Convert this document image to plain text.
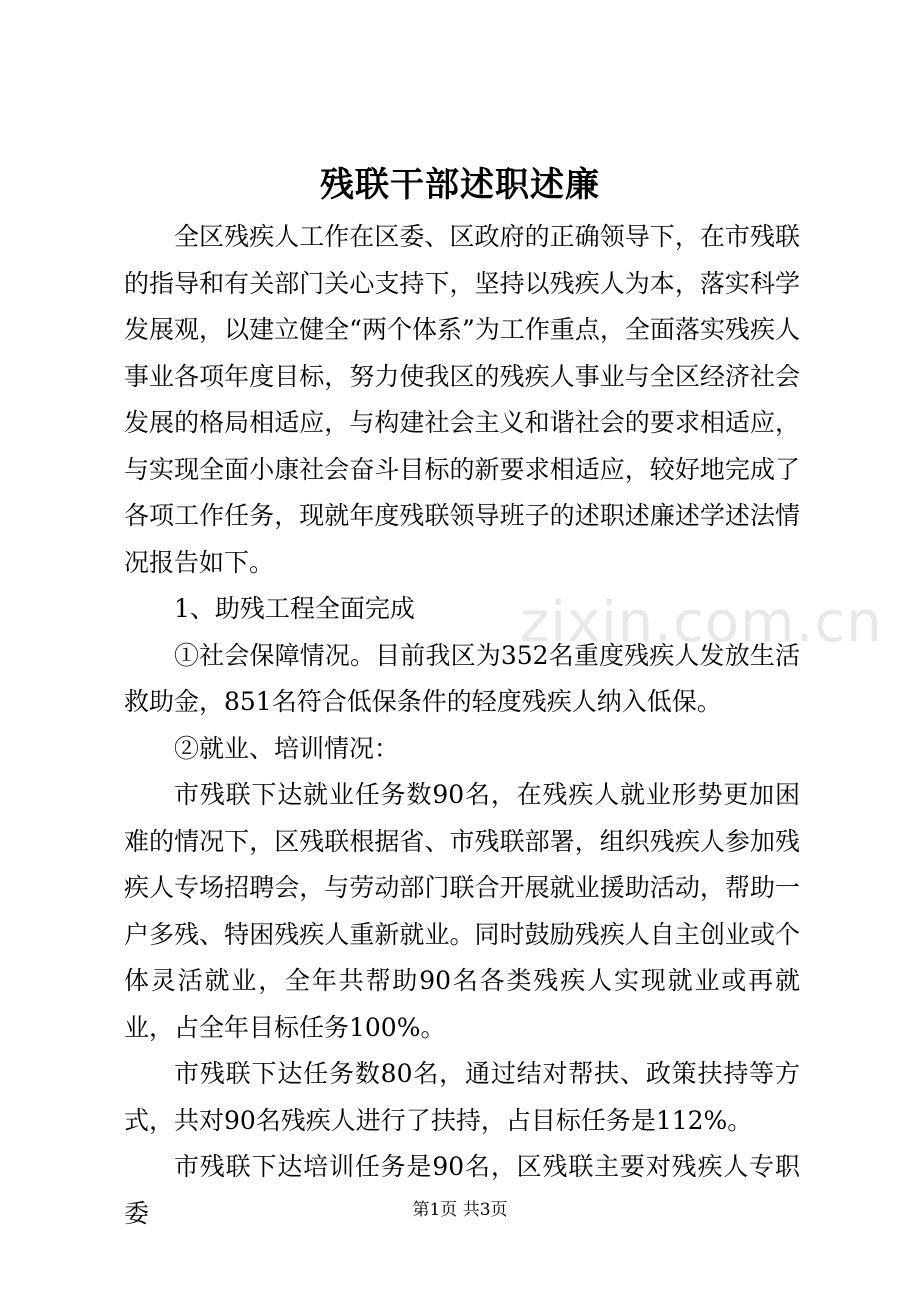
残联干部述职述廉

全区残疾人工作在区委、区政府的正确领导下，在市残联的指导和有关部门关心支持下，坚持以残疾人为本，落实科学发展观，以建立健全“两个体系”为工作重点，全面落实残疾人事业各项年度目标，努力使我区的残疾人事业与全区经济社会发展的格局相适应，与构建社会主义和谐社会的要求相适应，与实现全面小康社会奋斗目标的新要求相适应，较好地完成了各项工作任务，现就年度残联领导班子的述职述廉述学述法情况报告如下。

1、助残工程全面完成

①社会保障情况。目前我区为352名重度残疾人发放生活救助金，851名符合低保条件的轻度残疾人纳入低保。

②就业、培训情况：

市残联下达就业任务数90名，在残疾人就业形势更加困难的情况下，区残联根据省、市残联部署，组织残疾人参加残疾人专场招聘会，与劳动部门联合开展就业援助活动，帮助一户多残、特困残疾人重新就业。同时鼓励残疾人自主创业或个体灵活就业，全年共帮助90名各类残疾人实现就业或再就业，占全年目标任务100%。

市残联下达任务数80名，通过结对帮扶、政策扶持等方式，共对90名残疾人进行了扶持，占目标任务是112%。

市残联下达培训任务是90名，区残联主要对残疾人专职委

zixin.com.cn
第1页 共3页
